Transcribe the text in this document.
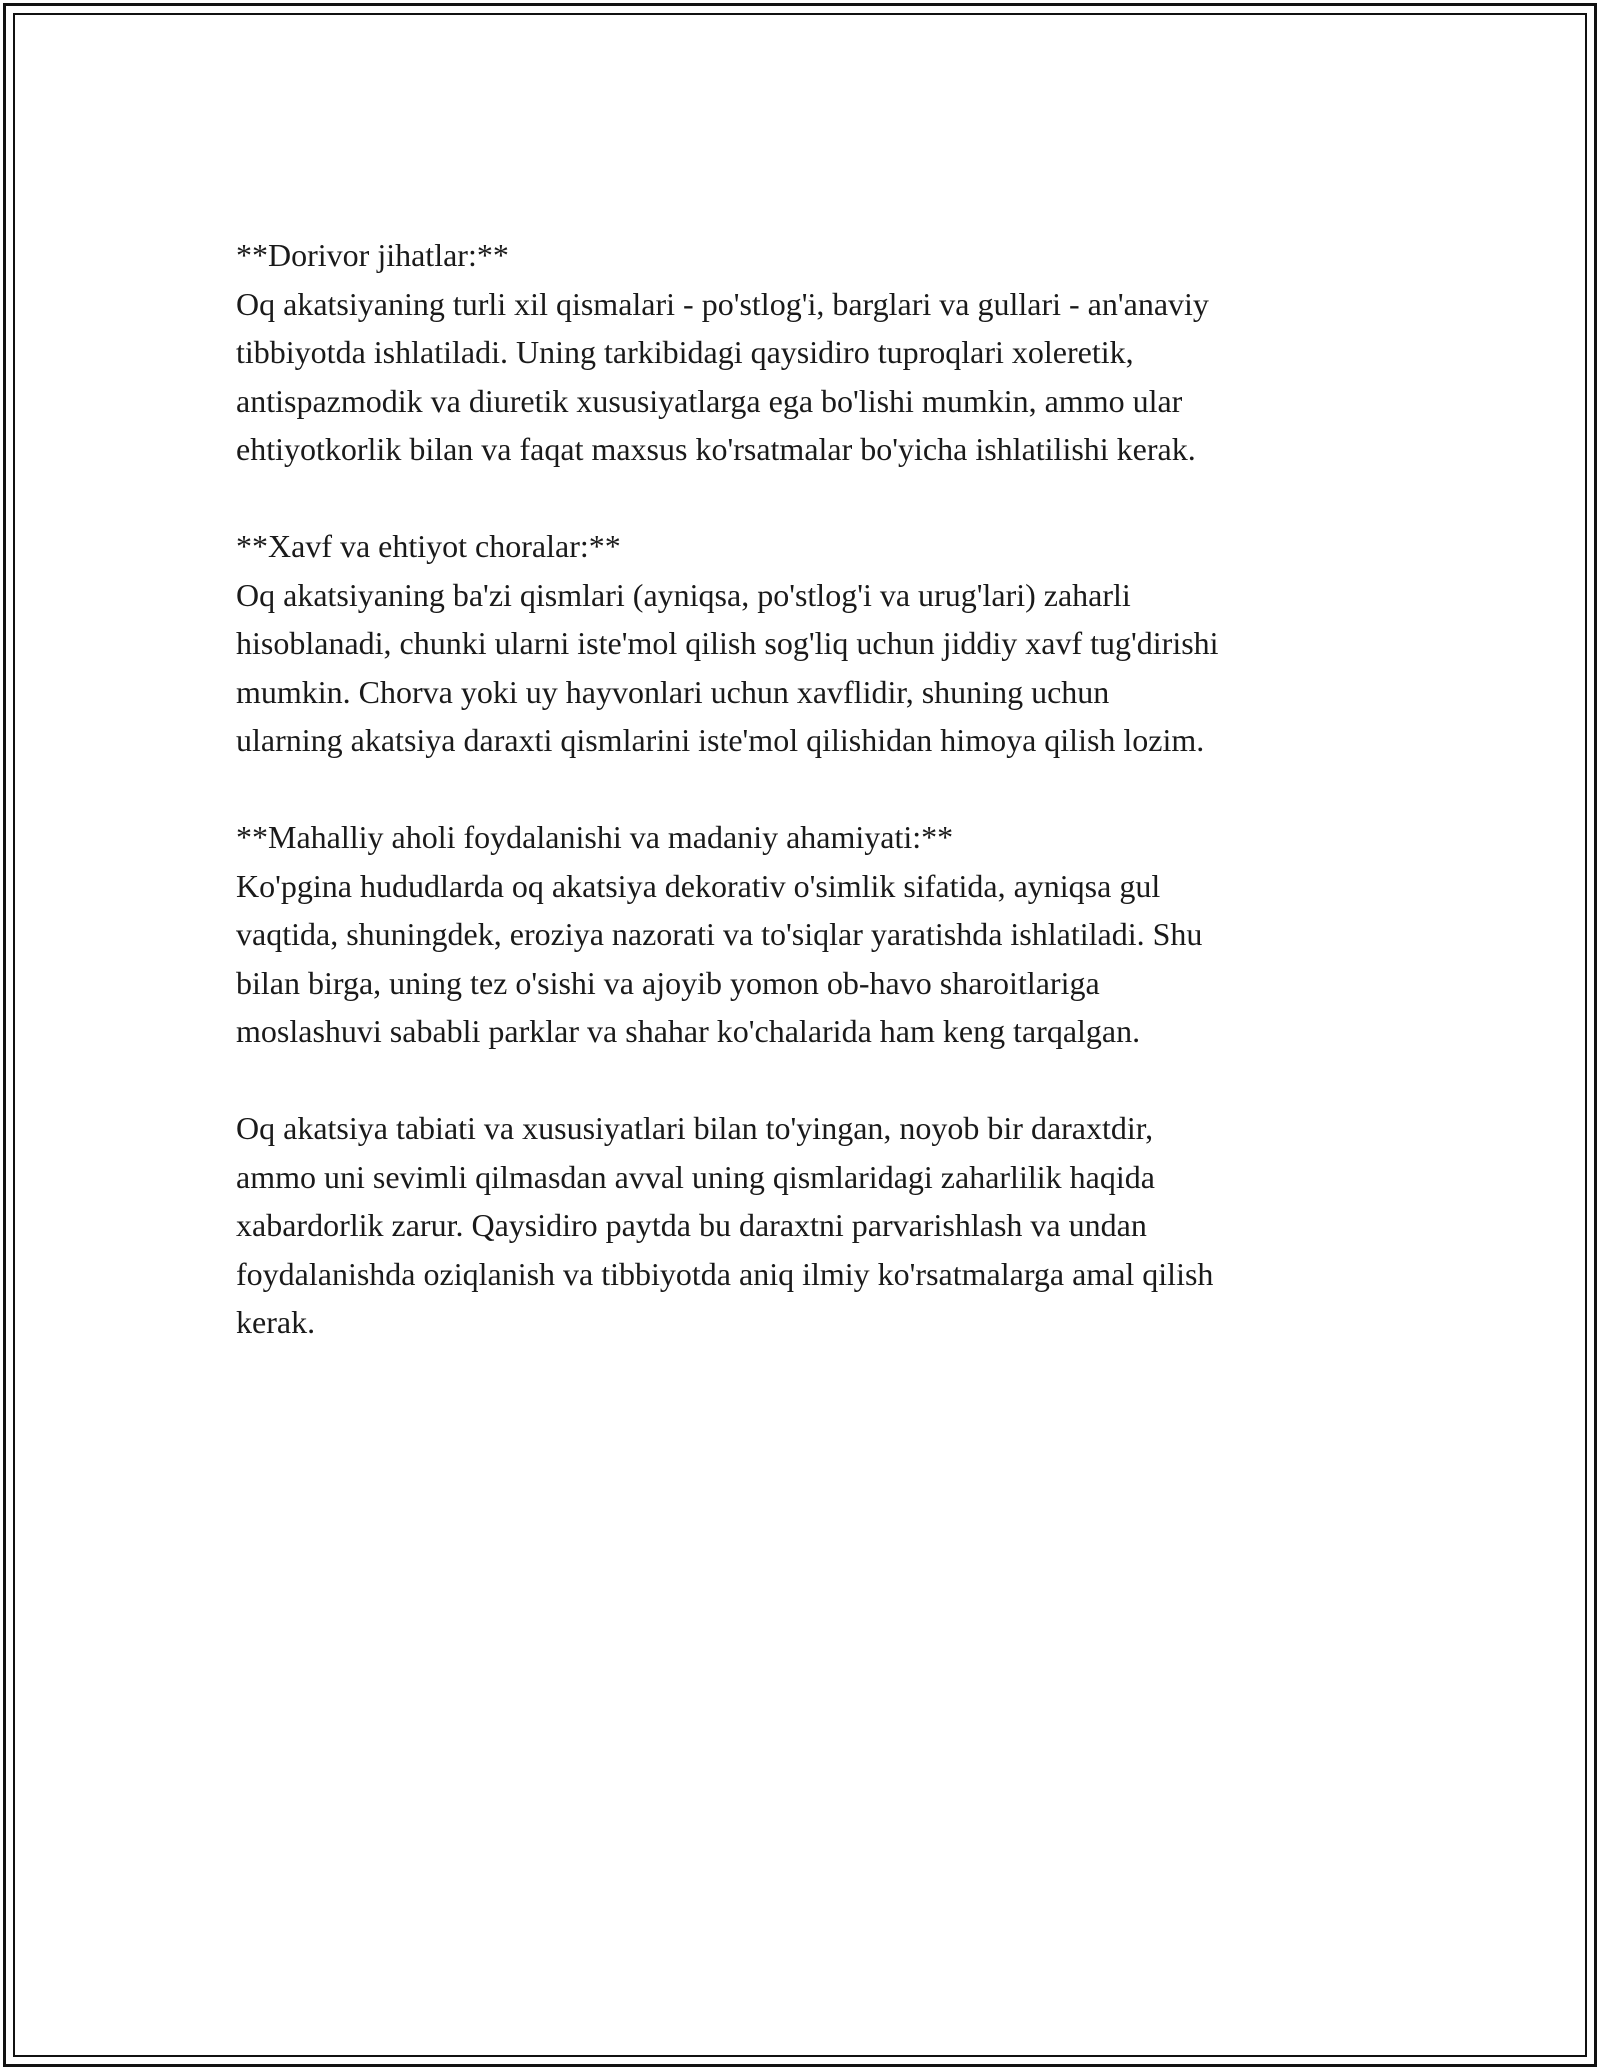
**Dorivor jihatlar:**
Oq akatsiyaning turli xil qismalari - po'stlog'i, barglari va gullari - an'anaviy
tibbiyotda ishlatiladi. Uning tarkibidagi qaysidiro tuproqlari xoleretik,
antispazmodik va diuretik xususiyatlarga ega bo'lishi mumkin, ammo ular
ehtiyotkorlik bilan va faqat maxsus ko'rsatmalar bo'yicha ishlatilishi kerak.
**Xavf va ehtiyot choralar:**
Oq akatsiyaning ba'zi qismlari (ayniqsa, po'stlog'i va urug'lari) zaharli
hisoblanadi, chunki ularni iste'mol qilish sog'liq uchun jiddiy xavf tug'dirishi
mumkin. Chorva yoki uy hayvonlari uchun xavflidir, shuning uchun
ularning akatsiya daraxti qismlarini iste'mol qilishidan himoya qilish lozim.
**Mahalliy aholi foydalanishi va madaniy ahamiyati:**
Ko'pgina hududlarda oq akatsiya dekorativ o'simlik sifatida, ayniqsa gul
vaqtida, shuningdek, eroziya nazorati va to'siqlar yaratishda ishlatiladi. Shu
bilan birga, uning tez o'sishi va ajoyib yomon ob-havo sharoitlariga
moslashuvi sababli parklar va shahar ko'chalarida ham keng tarqalgan.
Oq akatsiya tabiati va xususiyatlari bilan to'yingan, noyob bir daraxtdir,
ammo uni sevimli qilmasdan avval uning qismlaridagi zaharlilik haqida
xabardorlik zarur. Qaysidiro paytda bu daraxtni parvarishlash va undan
foydalanishda oziqlanish va tibbiyotda aniq ilmiy ko'rsatmalarga amal qilish
kerak.
